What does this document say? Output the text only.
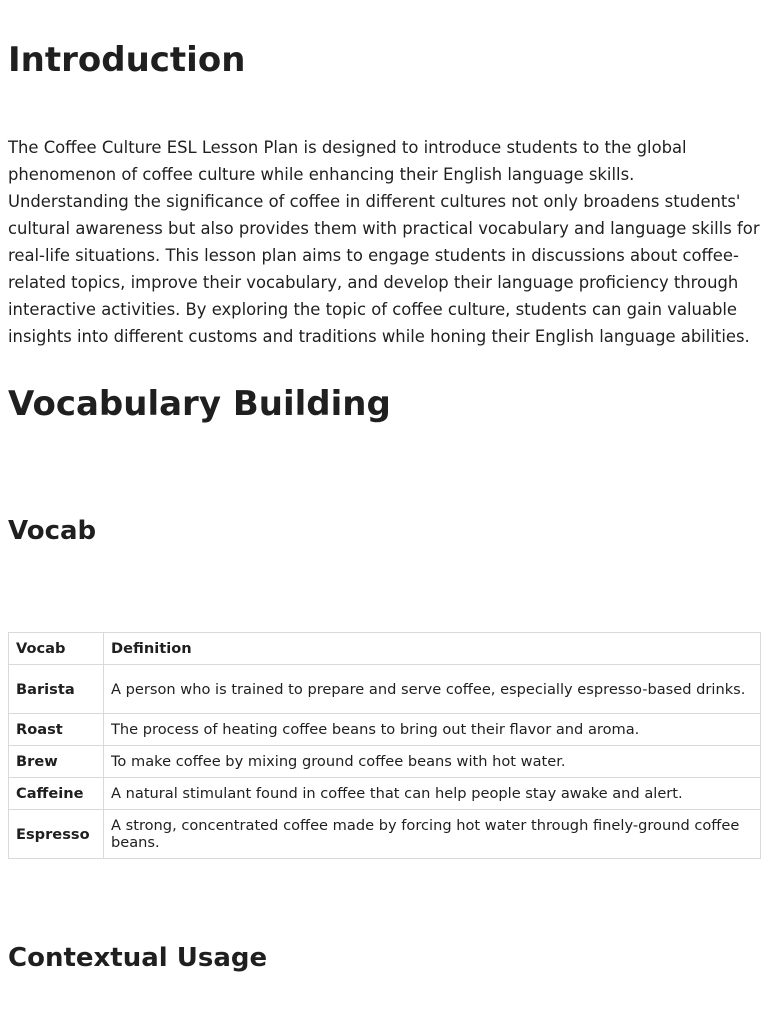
Introduction

The Coffee Culture ESL Lesson Plan is designed to introduce students to the global phenomenon of coffee culture while enhancing their English language skills. Understanding the significance of coffee in different cultures not only broadens students' cultural awareness but also provides them with practical vocabulary and language skills for real-life situations. This lesson plan aims to engage students in discussions about coffee-related topics, improve their vocabulary, and develop their language proficiency through interactive activities. By exploring the topic of coffee culture, students can gain valuable insights into different customs and traditions while honing their English language abilities.

Vocabulary Building
Vocab
Vocab	Definition
Barista	A person who is trained to prepare and serve coffee, especially espresso-based drinks.
Roast	The process of heating coffee beans to bring out their flavor and aroma.
Brew	To make coffee by mixing ground coffee beans with hot water.
Caffeine	A natural stimulant found in coffee that can help people stay awake and alert.
Espresso	A strong, concentrated coffee made by forcing hot water through finely-ground coffee beans.
Contextual Usage
